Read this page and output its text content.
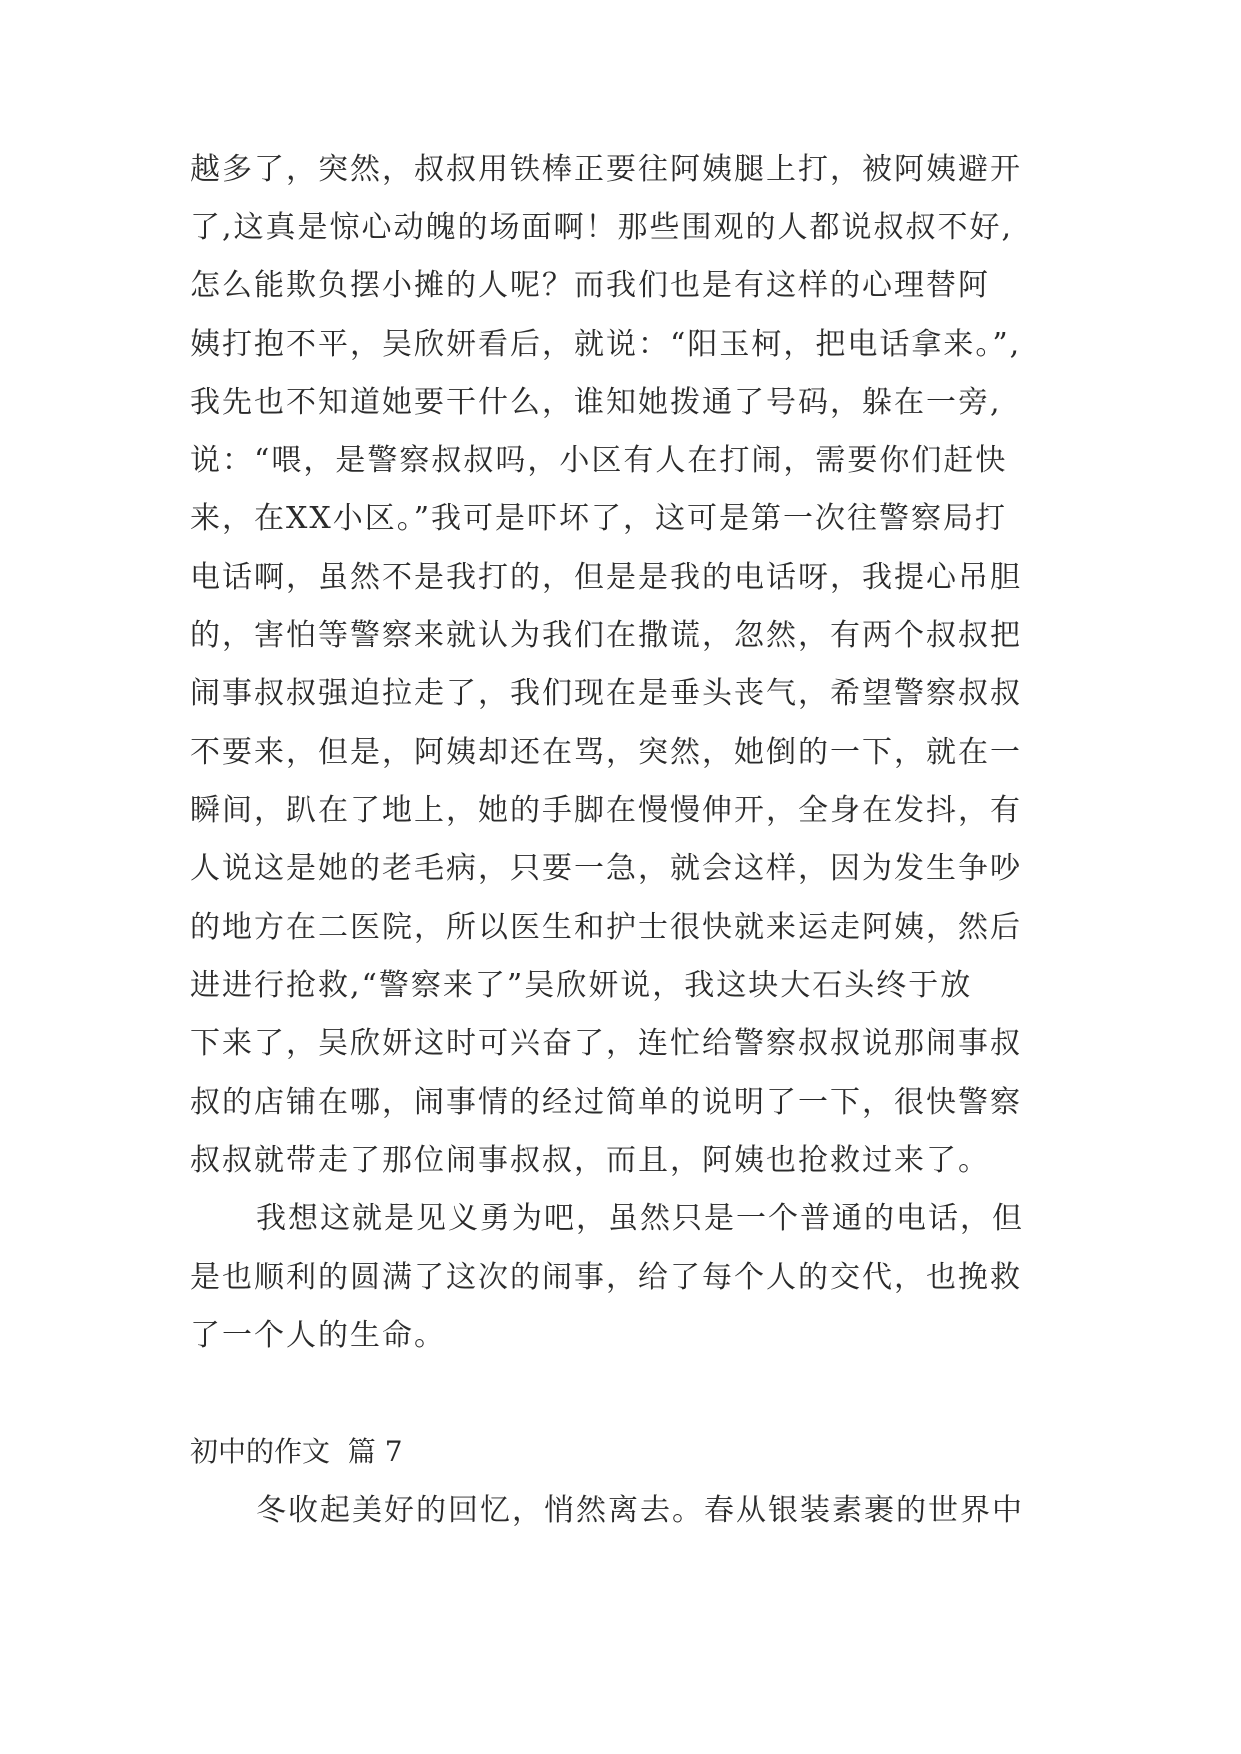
越多了，突然，叔叔用铁棒正要往阿姨腿上打，被阿姨避开
了,这真是惊心动魄的场面啊！那些围观的人都说叔叔不好,
怎么能欺负摆小摊的人呢？而我们也是有这样的心理替阿
姨打抱不平，吴欣妍看后，就说：“阳玉柯，把电话拿来。”,
我先也不知道她要干什么，谁知她拨通了号码，躲在一旁,
说：“喂，是警察叔叔吗，小区有人在打闹，需要你们赶快
来，在XX小区。”我可是吓坏了，这可是第一次往警察局打
电话啊，虽然不是我打的，但是是我的电话呀，我提心吊胆
的，害怕等警察来就认为我们在撒谎，忽然，有两个叔叔把
闹事叔叔强迫拉走了，我们现在是垂头丧气，希望警察叔叔
不要来，但是，阿姨却还在骂，突然，她倒的一下，就在一
瞬间，趴在了地上，她的手脚在慢慢伸开，全身在发抖，有
人说这是她的老毛病，只要一急，就会这样，因为发生争吵
的地方在二医院，所以医生和护士很快就来运走阿姨，然后
进进行抢救,“警察来了”吴欣妍说，我这块大石头终于放
下来了，吴欣妍这时可兴奋了，连忙给警察叔叔说那闹事叔
叔的店铺在哪，闹事情的经过简单的说明了一下，很快警察
叔叔就带走了那位闹事叔叔，而且，阿姨也抢救过来了。
我想这就是见义勇为吧，虽然只是一个普通的电话，但
是也顺利的圆满了这次的闹事，给了每个人的交代，也挽救
了一个人的生命。
初中的作文  篇 7
冬收起美好的回忆，悄然离去。春从银装素裹的世界中
